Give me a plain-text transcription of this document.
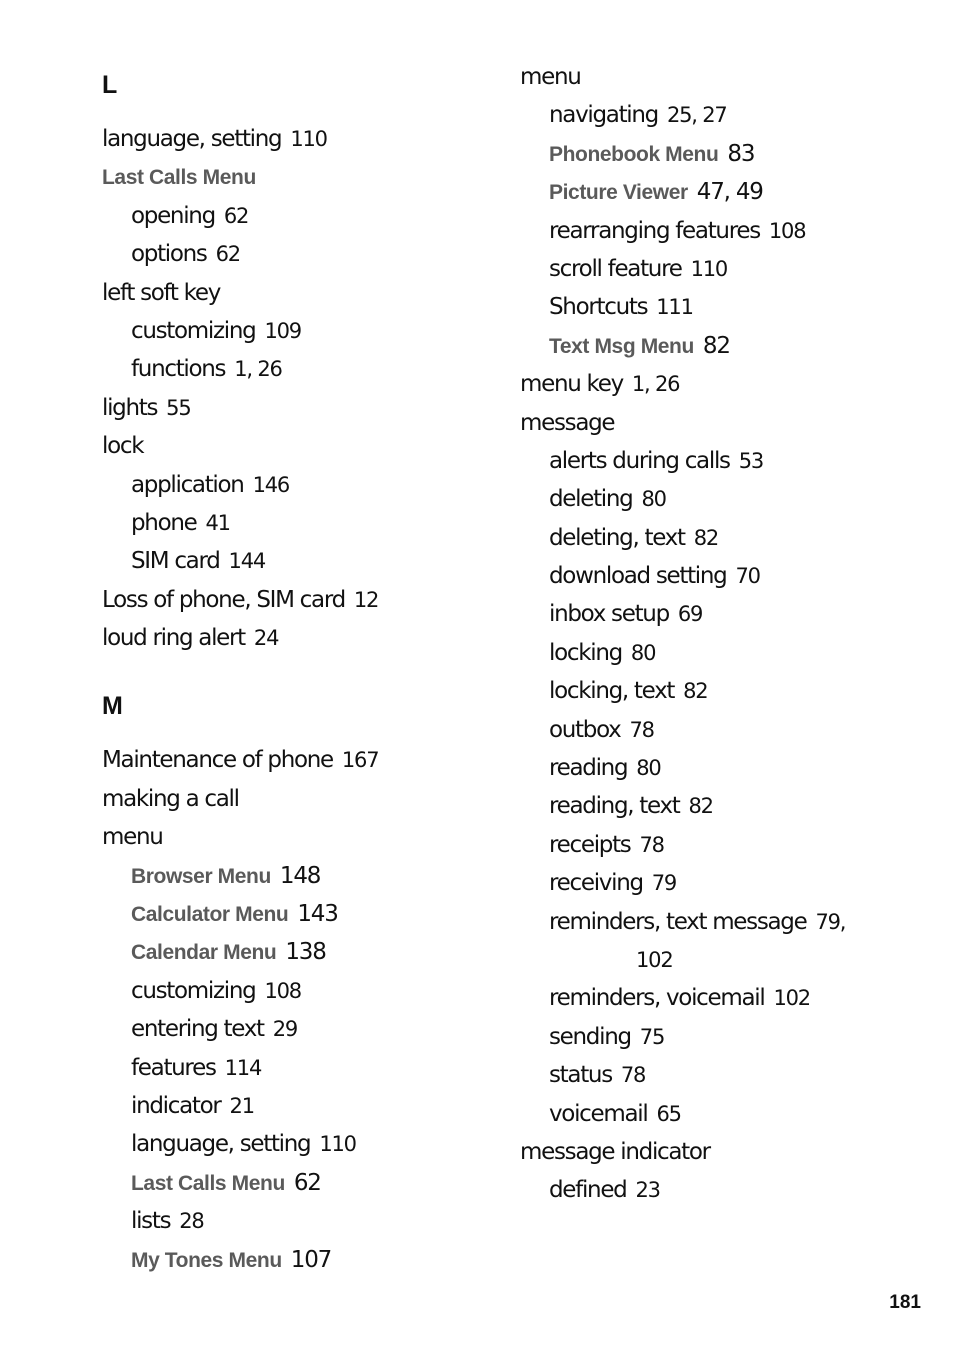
L
language, setting 110
Last Calls Menu
opening 62
options 62
left soft key
customizing 109
functions 1, 26
lights 55
lock
application 146
phone 41
SIM card 144
Loss of phone, SIM card 12
loud ring alert 24
M
Maintenance of phone 167
making a call
menu
Browser Menu 148
Calculator Menu 143
Calendar Menu 138
customizing 108
entering text 29
features 114
indicator 21
language, setting 110
Last Calls Menu 62
lists 28
My Tones Menu 107
menu
navigating 25, 27
Phonebook Menu 83
Picture Viewer 47, 49
rearranging features 108
scroll feature 110
Shortcuts 111
Text Msg Menu 82
menu key 1, 26
message
alerts during calls 53
deleting 80
deleting, text 82
download setting 70
inbox setup 69
locking 80
locking, text 82
outbox 78
reading 80
reading, text 82
receipts 78
receiving 79
reminders, text message 79,
102
reminders, voicemail 102
sending 75
status 78
voicemail 65
message indicator
defined 23
181
